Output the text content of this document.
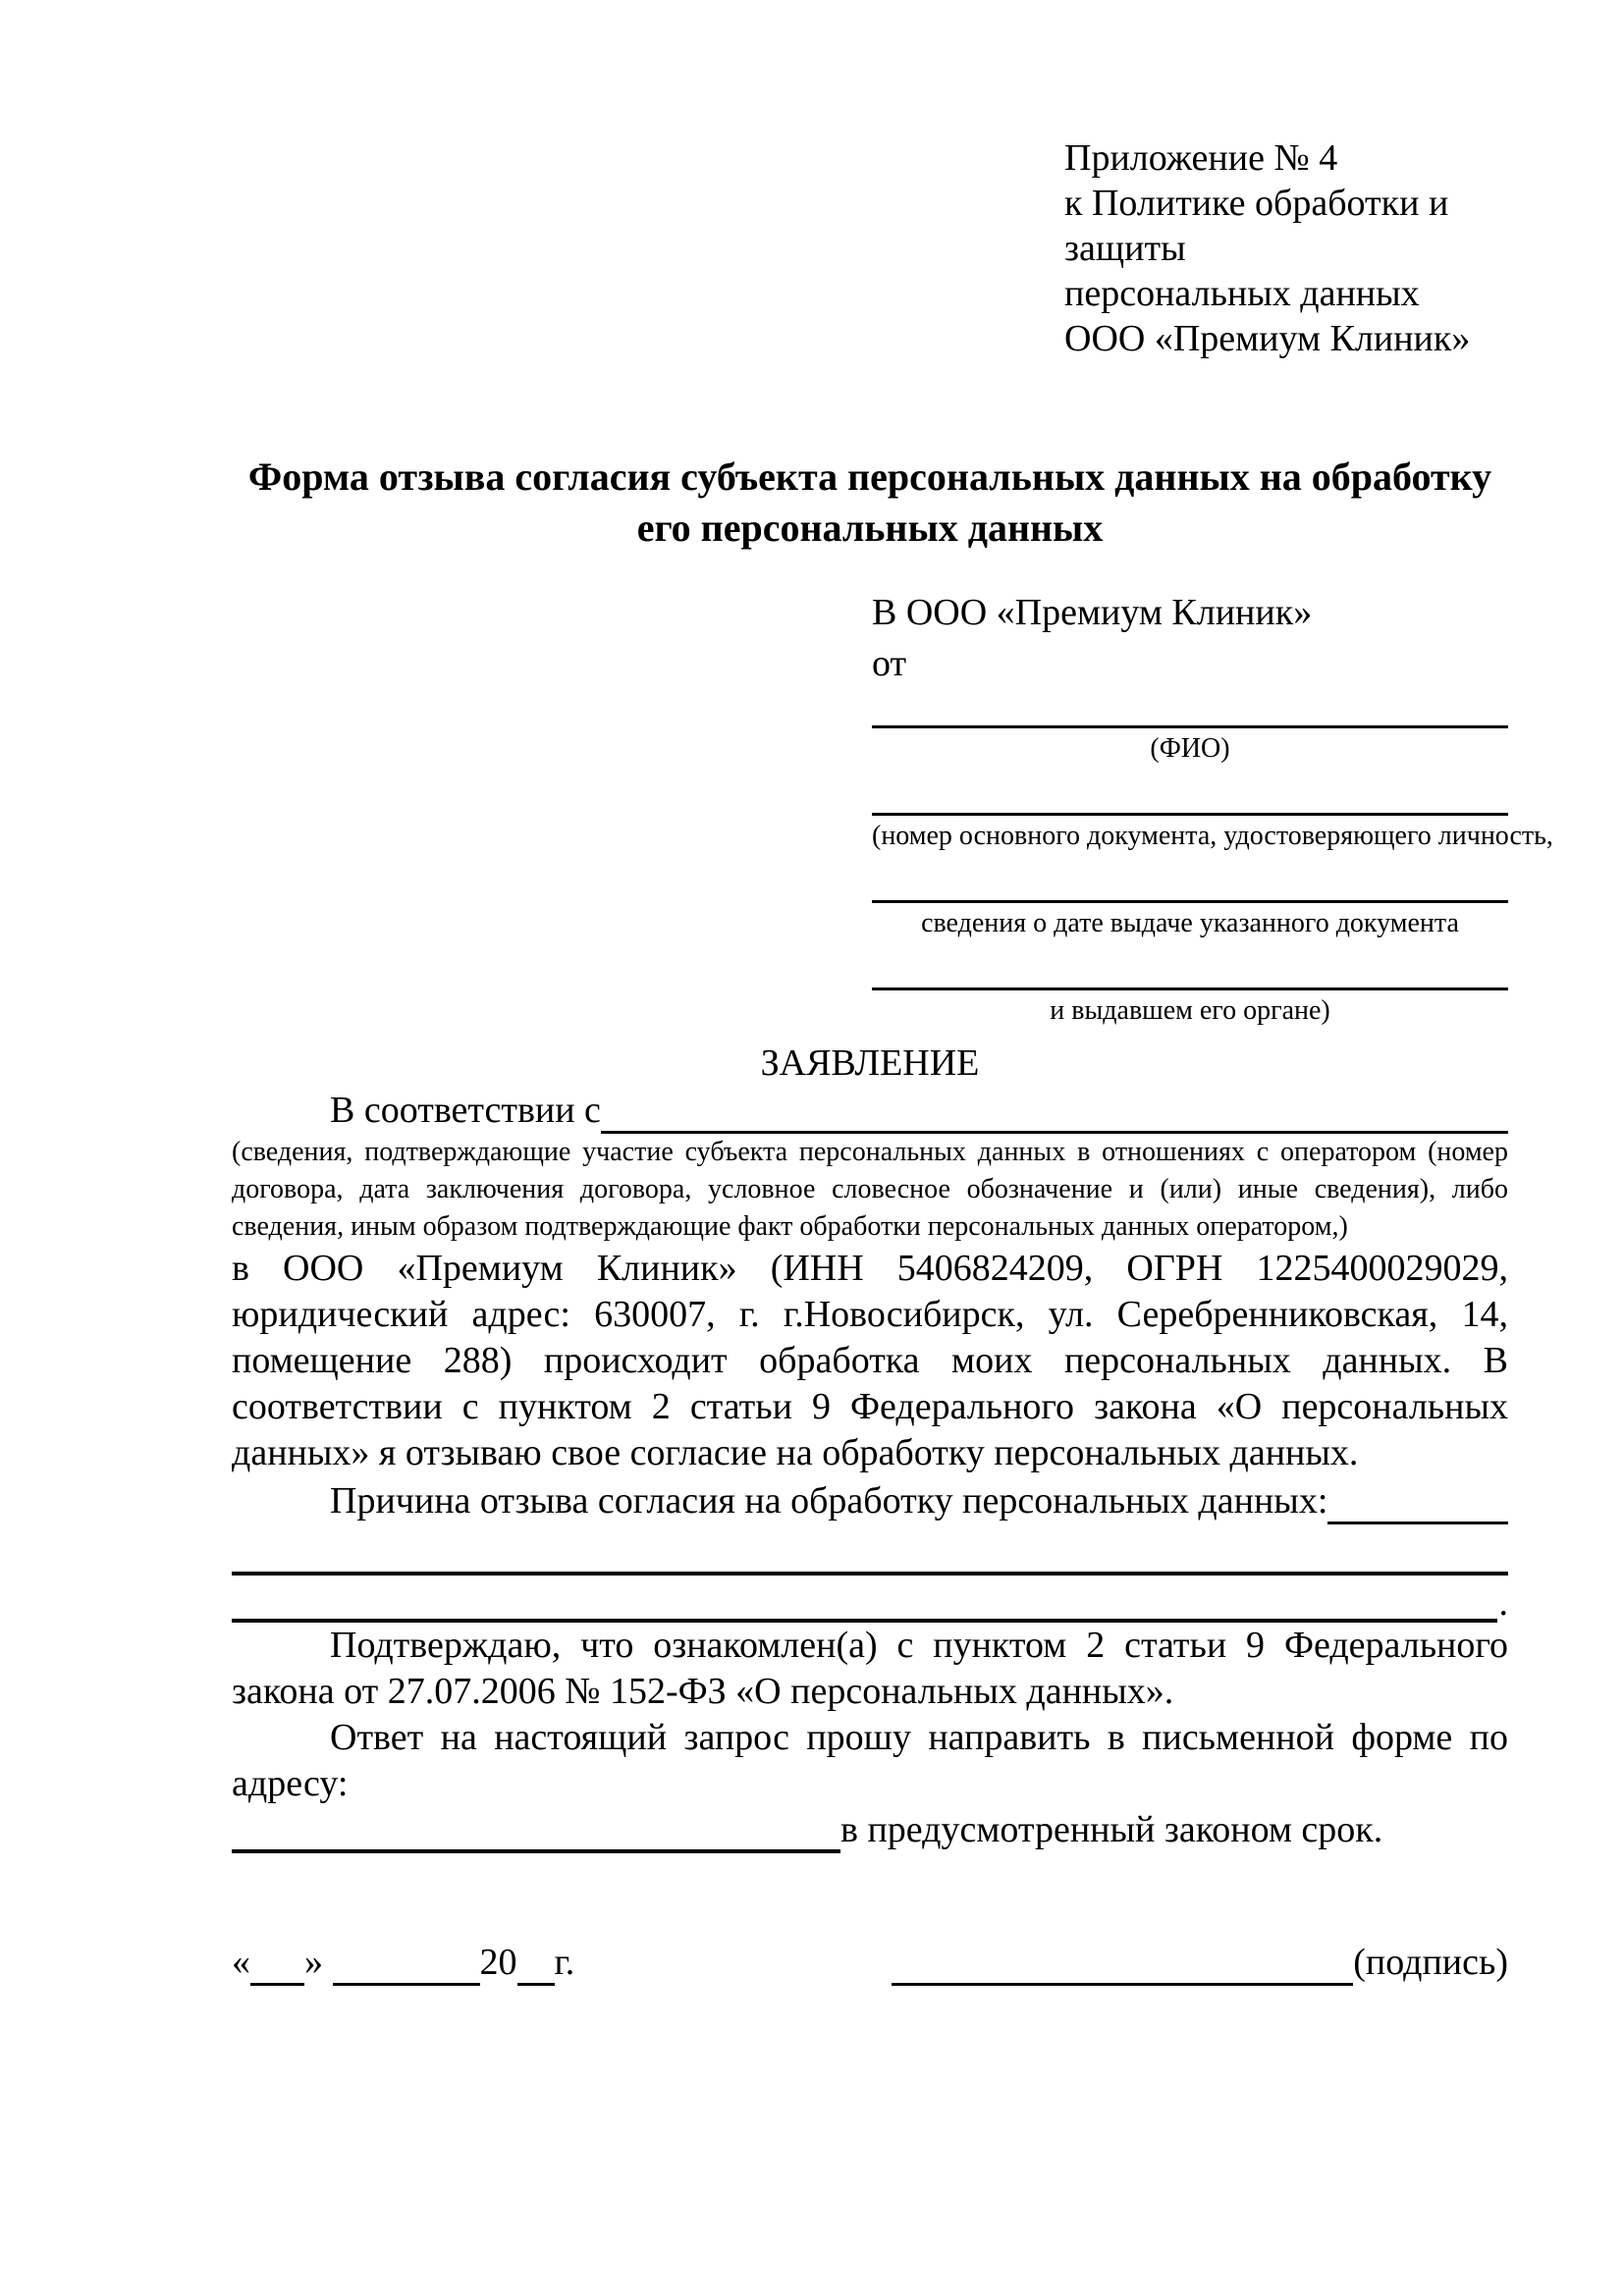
Приложение № 4
к Политике обработки и защиты
персональных данных
ООО «Премиум Клиник»
Форма отзыва согласия субъекта персональных данных на обработку
его персональных данных
В ООО «Премиум Клиник»
от
(ФИО)
(номер основного документа, удостоверяющего личность,
сведения о дате выдаче указанного документа
и выдавшем его органе)
ЗАЯВЛЕНИЕ
В соответствии с

(сведения, подтверждающие участие субъекта персональных данных в отношениях с оператором (номер договора, дата заключения договора, условное словесное обозначение и (или) иные сведения), либо сведения, иным образом подтверждающие факт обработки персональных данных оператором,)

в ООО «Премиум Клиник» (ИНН 5406824209, ОГРН 1225400029029, юридический адрес: 630007, г. г.Новосибирск, ул. Серебренниковская, 14, помещение 288) происходит обработка моих персональных данных. В соответствии с пунктом 2 статьи 9 Федерального закона «О персональных данных» я отзываю свое согласие на обработку персональных данных.

Причина отзыва согласия на обработку персональных данных:
.

Подтверждаю, что ознакомлен(а) с пунктом 2 статьи 9 Федерального закона от 27.07.2006 № 152-ФЗ «О персональных данных».

Ответ на настоящий запрос прошу направить в письменной форме по адресу:

в предусмотренный законом срок.
« »
	20 г.	(подпись)
